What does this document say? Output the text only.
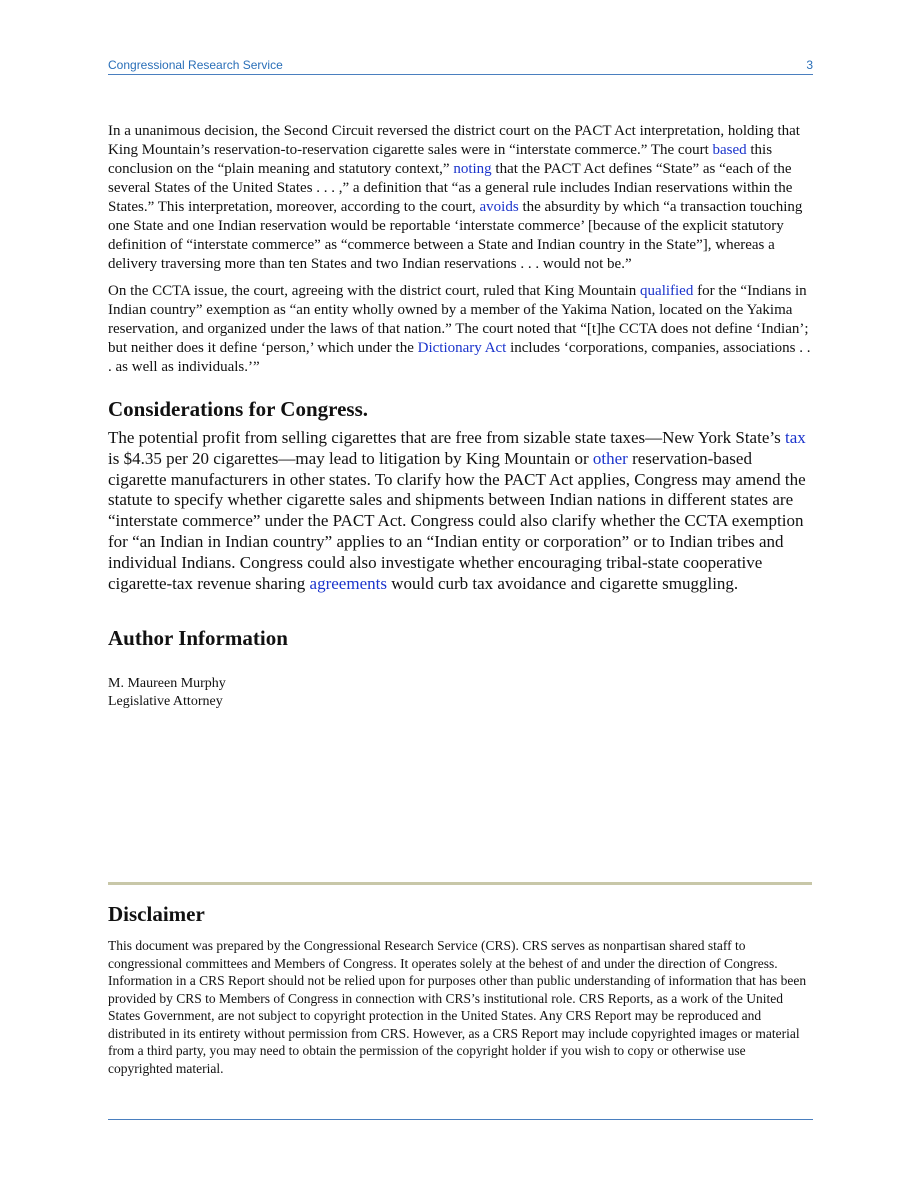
Congressional Research Service	3

In a unanimous decision, the Second Circuit reversed the district court on the PACT Act interpretation, holding that King Mountain’s reservation-to-reservation cigarette sales were in “interstate commerce.” The court based this conclusion on the “plain meaning and statutory context,” noting that the PACT Act defines “State” as “each of the several States of the United States . . . ,” a definition that “as a general rule includes Indian reservations within the States.” This interpretation, moreover, according to the court, avoids the absurdity by which “a transaction touching one State and one Indian reservation would be reportable ‘interstate commerce’ [because of the explicit statutory definition of “interstate commerce” as “commerce between a State and Indian country in the State”], whereas a delivery traversing more than ten States and two Indian reservations . . . would not be.”

On the CCTA issue, the court, agreeing with the district court, ruled that King Mountain qualified for the “Indians in Indian country” exemption as “an entity wholly owned by a member of the Yakima Nation, located on the Yakima reservation, and organized under the laws of that nation.” The court noted that “[t]he CCTA does not define ‘Indian’; but neither does it define ‘person,’ which under the Dictionary Act includes ‘corporations, companies, associations . . . as well as individuals.’”

Considerations for Congress.

The potential profit from selling cigarettes that are free from sizable state taxes—New York State’s tax is $4.35 per 20 cigarettes—may lead to litigation by King Mountain or other reservation-based cigarette manufacturers in other states. To clarify how the PACT Act applies, Congress may amend the statute to specify whether cigarette sales and shipments between Indian nations in different states are “interstate commerce” under the PACT Act. Congress could also clarify whether the CCTA exemption for “an Indian in Indian country” applies to an “Indian entity or corporation” or to Indian tribes and individual Indians. Congress could also investigate whether encouraging tribal-state cooperative cigarette-tax revenue sharing agreements would curb tax avoidance and cigarette smuggling.

Author Information
M. Maureen Murphy
Legislative Attorney
Disclaimer

This document was prepared by the Congressional Research Service (CRS). CRS serves as nonpartisan shared staff to congressional committees and Members of Congress. It operates solely at the behest of and under the direction of Congress. Information in a CRS Report should not be relied upon for purposes other than public understanding of information that has been provided by CRS to Members of Congress in connection with CRS’s institutional role. CRS Reports, as a work of the United States Government, are not subject to copyright protection in the United States. Any CRS Report may be reproduced and distributed in its entirety without permission from CRS. However, as a CRS Report may include copyrighted images or material from a third party, you may need to obtain the permission of the copyright holder if you wish to copy or otherwise use copyrighted material.
